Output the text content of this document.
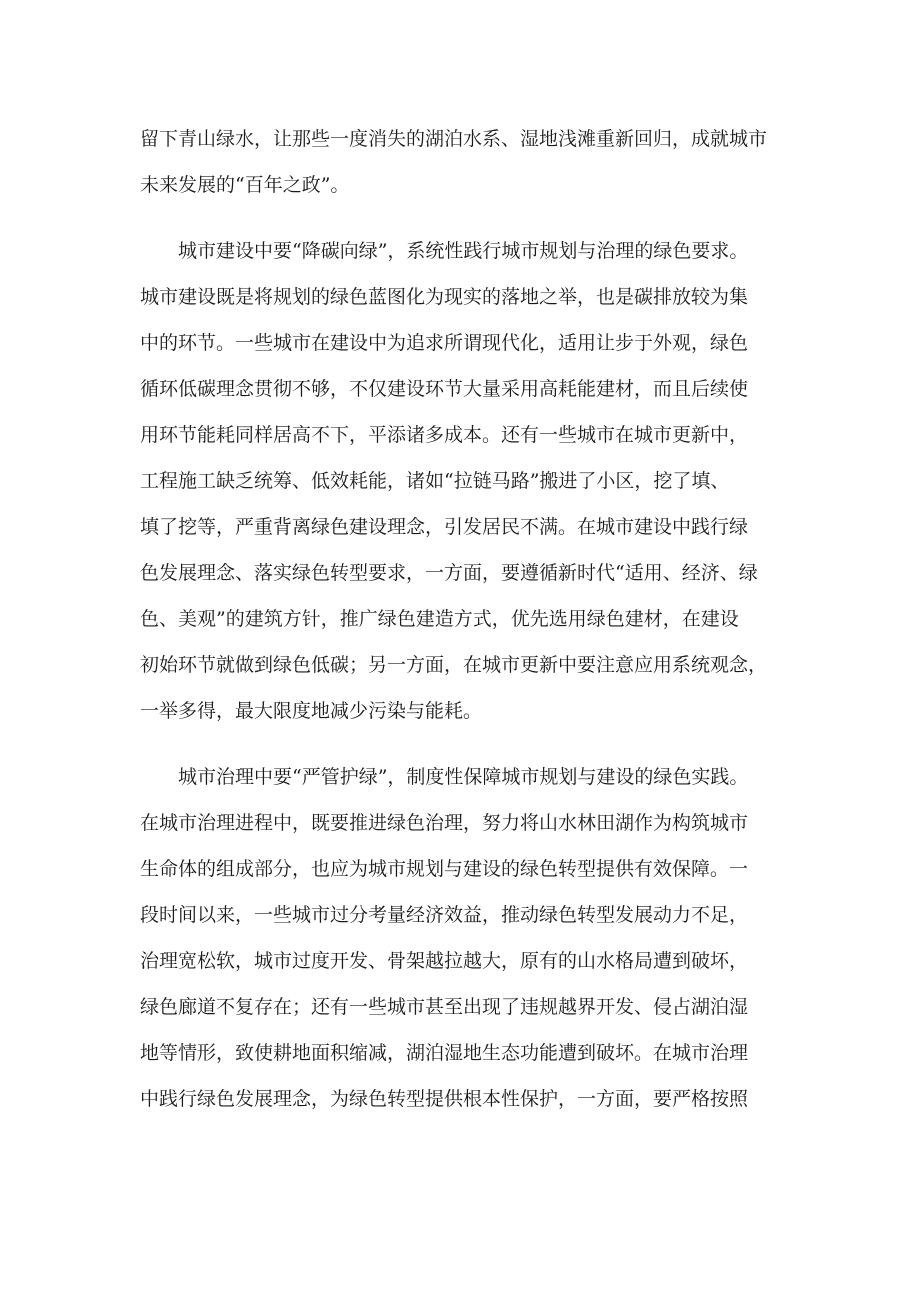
留下青山绿水，让那些一度消失的湖泊水系、湿地浅滩重新回归，成就城市

未来发展的“百年之政”。

城市建设中要“降碳向绿”，系统性践行城市规划与治理的绿色要求。

城市建设既是将规划的绿色蓝图化为现实的落地之举，也是碳排放较为集

中的环节。一些城市在建设中为追求所谓现代化，适用让步于外观，绿色

循环低碳理念贯彻不够，不仅建设环节大量采用高耗能建材，而且后续使

用环节能耗同样居高不下，平添诸多成本。还有一些城市在城市更新中，

工程施工缺乏统筹、低效耗能，诸如“拉链马路”搬进了小区，挖了填、

填了挖等，严重背离绿色建设理念，引发居民不满。在城市建设中践行绿

色发展理念、落实绿色转型要求，一方面，要遵循新时代“适用、经济、绿

色、美观”的建筑方针，推广绿色建造方式，优先选用绿色建材，在建设

初始环节就做到绿色低碳；另一方面，在城市更新中要注意应用系统观念，

一举多得，最大限度地减少污染与能耗。

城市治理中要“严管护绿”，制度性保障城市规划与建设的绿色实践。

在城市治理进程中，既要推进绿色治理，努力将山水林田湖作为构筑城市

生命体的组成部分，也应为城市规划与建设的绿色转型提供有效保障。一

段时间以来，一些城市过分考量经济效益，推动绿色转型发展动力不足，

治理宽松软，城市过度开发、骨架越拉越大，原有的山水格局遭到破坏，

绿色廊道不复存在；还有一些城市甚至出现了违规越界开发、侵占湖泊湿

地等情形，致使耕地面积缩减，湖泊湿地生态功能遭到破坏。在城市治理

中践行绿色发展理念，为绿色转型提供根本性保护，一方面，要严格按照
